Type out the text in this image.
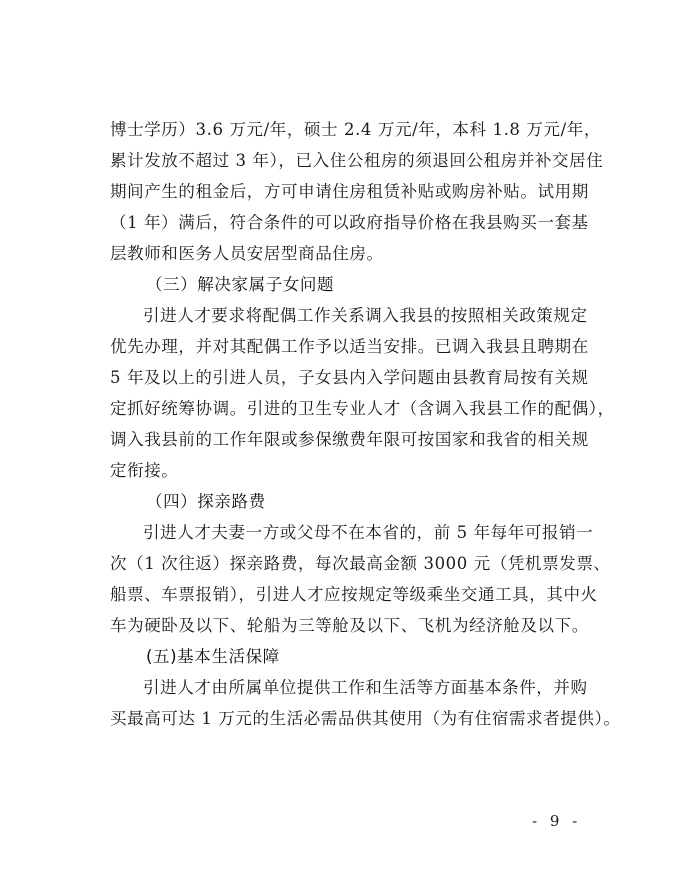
博士学历）3.6 万元/年，硕士 2.4 万元/年，本科 1.8 万元/年，
累计发放不超过 3 年），已入住公租房的须退回公租房并补交居住
期间产生的租金后，方可申请住房租赁补贴或购房补贴。试用期
（1 年）满后，符合条件的可以政府指导价格在我县购买一套基
层教师和医务人员安居型商品住房。
（三）解决家属子女问题
引进人才要求将配偶工作关系调入我县的按照相关政策规定
优先办理，并对其配偶工作予以适当安排。已调入我县且聘期在
5 年及以上的引进人员，子女县内入学问题由县教育局按有关规
定抓好统筹协调。引进的卫生专业人才（含调入我县工作的配偶），
调入我县前的工作年限或参保缴费年限可按国家和我省的相关规
定衔接。
（四）探亲路费
引进人才夫妻一方或父母不在本省的，前 5 年每年可报销一
次（1 次往返）探亲路费，每次最高金额 3000 元（凭机票发票、
船票、车票报销），引进人才应按规定等级乘坐交通工具，其中火
车为硬卧及以下、轮船为三等舱及以下、飞机为经济舱及以下。
(五)基本生活保障
引进人才由所属单位提供工作和生活等方面基本条件，并购
买最高可达 1 万元的生活必需品供其使用（为有住宿需求者提供）。
- 9 -
